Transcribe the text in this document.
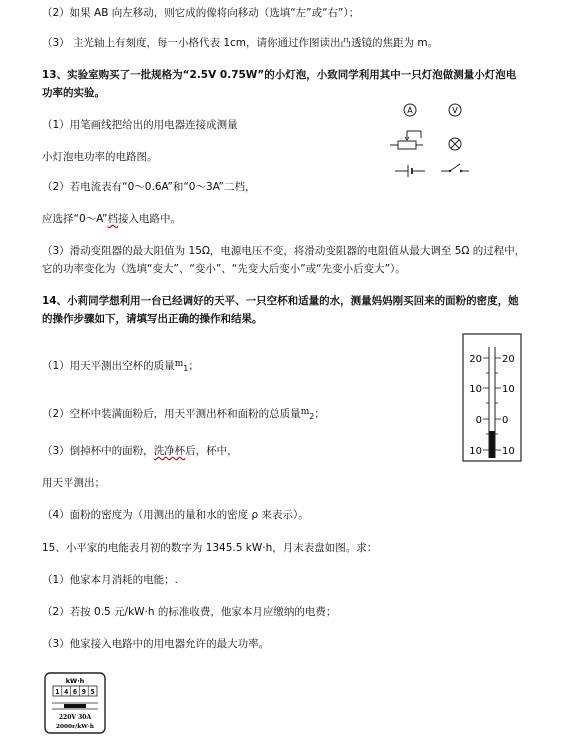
（2）如果 AB 向左移动，则它成的像将向移动（选填“左”或“右”）；
（3） 主光轴上有刻度，每一小格代表 1cm，请你通过作图读出凸透镜的焦距为 m。
13、实验室购买了一批规格为“2.5V 0.75W”的小灯泡，小致同学利用其中一只灯泡做测量小灯泡电
功率的实验。
（1）用笔画线把给出的用电器连接成测量
小灯泡电功率的电路图。
（2）若电流表有“0～0.6A”和“0～3A”二档，
应选择“0～A”档接入电路中。
A	V
（3）滑动变阻器的最大阻值为 15Ω，电源电压不变，将滑动变阻器的电阻值从最大调至 5Ω 的过程中，
它的功率变化为（选填“变大”、“变小”、“先变大后变小”或“先变小后变大”）。
14、小莉同学想利用一台已经调好的天平、一只空杯和适量的水，测量妈妈刚买回来的面粉的密度，她
的操作步骤如下，请填写出正确的操作和结果。
（1）用天平测出空杯的质量$m_1$；
（2）空杯中装满面粉后，用天平测出杯和面粉的总质量$m_2$；
（3）倒掉杯中的面粉，洗净杯后，杯中，
用天平测出；
（4）面粉的密度为（用测出的量和水的密度 ρ 来表示）。
20 20
10 10
0 0
10 10
15、小平家的电能表月初的数字为 1345.5 kW·h，月末表盘如图。求：
（1）他家本月消耗的电能；.
（2）若按 0.5 元/kW·h 的标准收费，他家本月应缴纳的电费；
（3）他家接入电路中的用电器允许的最大功率。
kW·h
1 4 6 9 5
220V 30A
2000r/kW·h
